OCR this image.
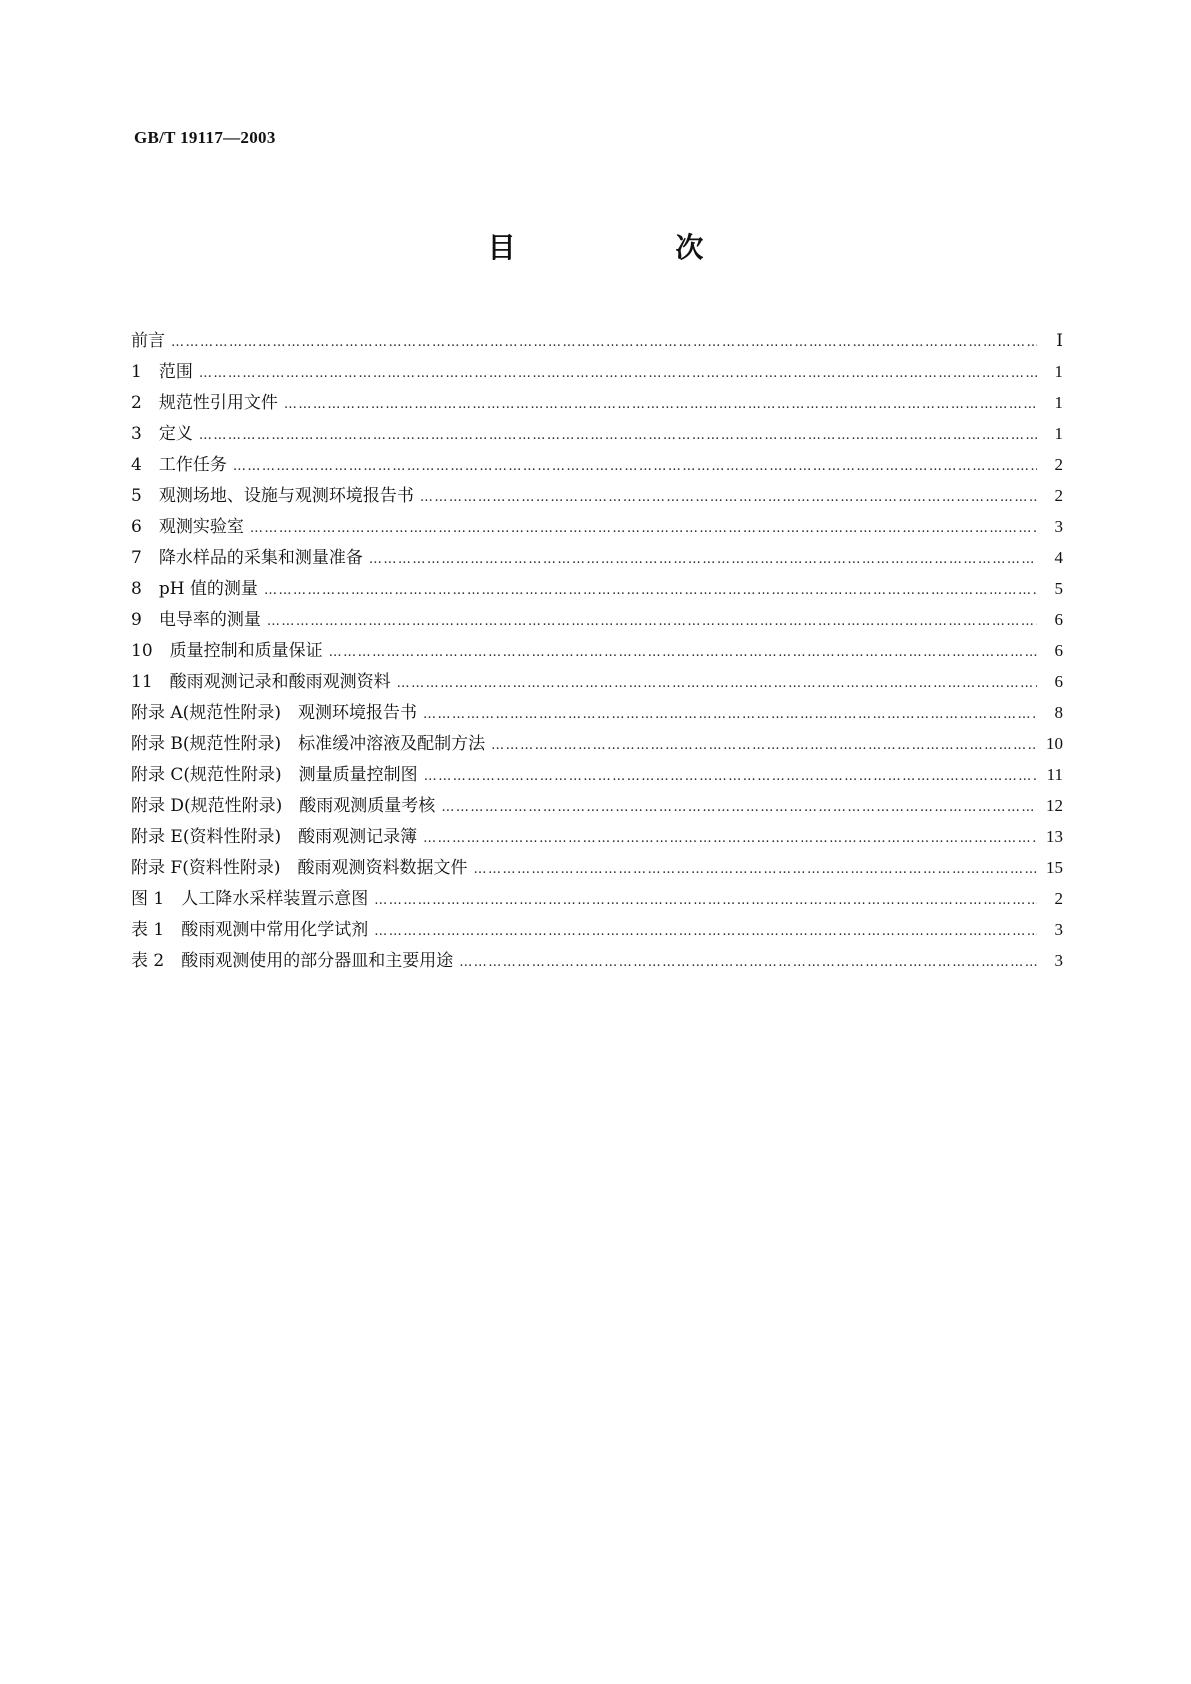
GB/T 19117—2003
目 次
前言 …………………………………………………………………………………………………………………………………………………………………………………………………………	Ⅰ
1　范围 …………………………………………………………………………………………………………………………………………………………………………………………………………	1
2　规范性引用文件 …………………………………………………………………………………………………………………………………………………………………………………………………………	1
3　定义 …………………………………………………………………………………………………………………………………………………………………………………………………………	1
4　工作任务 …………………………………………………………………………………………………………………………………………………………………………………………………………	2
5　观测场地、设施与观测环境报告书 …………………………………………………………………………………………………………………………………………………………………………………………………………	2
6　观测实验室 …………………………………………………………………………………………………………………………………………………………………………………………………………	3
7　降水样品的采集和测量准备 …………………………………………………………………………………………………………………………………………………………………………………………………………	4
8　pH 值的测量 …………………………………………………………………………………………………………………………………………………………………………………………………………	5
9　电导率的测量 …………………………………………………………………………………………………………………………………………………………………………………………………………	6
10　质量控制和质量保证 …………………………………………………………………………………………………………………………………………………………………………………………………………	6
11　酸雨观测记录和酸雨观测资料 …………………………………………………………………………………………………………………………………………………………………………………………………………	6
附录 A(规范性附录)　观测环境报告书 …………………………………………………………………………………………………………………………………………………………………………………………………………	8
附录 B(规范性附录)　标准缓冲溶液及配制方法 …………………………………………………………………………………………………………………………………………………………………………………………………………	10
附录 C(规范性附录)　测量质量控制图 …………………………………………………………………………………………………………………………………………………………………………………………………………	11
附录 D(规范性附录)　酸雨观测质量考核 …………………………………………………………………………………………………………………………………………………………………………………………………………	12
附录 E(资料性附录)　酸雨观测记录簿 …………………………………………………………………………………………………………………………………………………………………………………………………………	13
附录 F(资料性附录)　酸雨观测资料数据文件 …………………………………………………………………………………………………………………………………………………………………………………………………………	15
图 1　人工降水采样装置示意图 …………………………………………………………………………………………………………………………………………………………………………………………………………	2
表 1　酸雨观测中常用化学试剂 …………………………………………………………………………………………………………………………………………………………………………………………………………	3
表 2　酸雨观测使用的部分器皿和主要用途 …………………………………………………………………………………………………………………………………………………………………………………………………………	3
